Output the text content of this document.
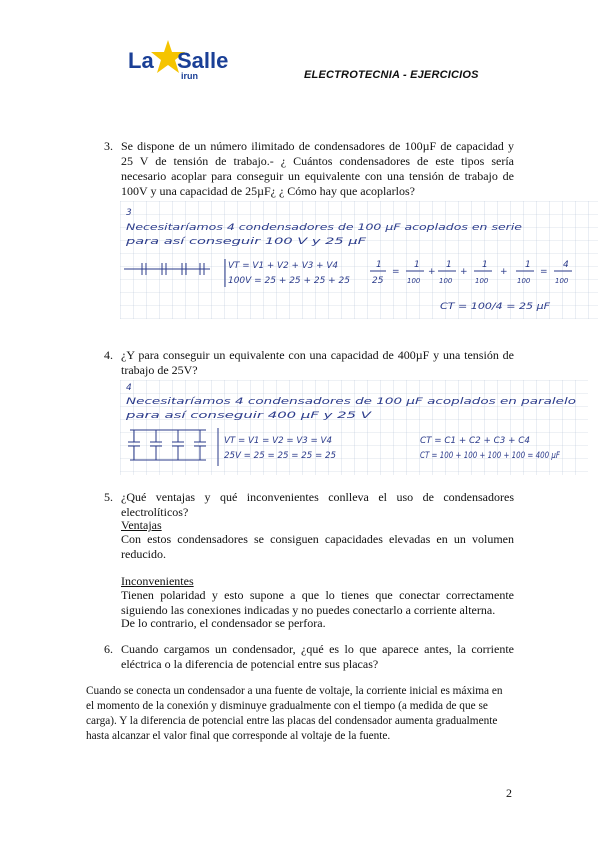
La Salle
irun	ELECTROTECNIA - EJERCICIOS
3. Se dispone de un número ilimitado de condensadores de 100µF de capacidad y 25 V de tensión de trabajo.- ¿ Cuántos condensadores de este tipos sería necesario acoplar para conseguir un equivalente con una tensión de trabajo de 100V y una capacidad de 25µF¿ ¿ Cómo hay que acoplarlos?
3
Necesitaríamos 4 condensadores de 100 µF acoplados en serie
para así conseguir 100 V y 25 µF
VT = V1 + V2 + V3 + V4
100V = 25 + 25 + 25 + 25
CT = 100/4 = 25 µF
1
25
=
1
100
+
1
100
+
1
100
+
1
100
=
4
100
4. ¿Y para conseguir un equivalente con una capacidad de 400µF y una tensión de trabajo de 25V?
4
Necesitaríamos 4 condensadores de 100 µF acoplados en paralelo
para así conseguir 400 µF y 25 V
VT = V1 = V2 = V3 = V4
25V = 25 = 25 = 25 = 25
CT = C1 + C2 + C3 + C4
CT = 100 + 100 + 100 + 100 = 400 µF
5. ¿Qué ventajas y qué inconvenientes conlleva el uso de condensadores electrolíticos?
Ventajas
Con estos condensadores se consiguen capacidades elevadas en un volumen reducido.
Inconvenientes
Tienen polaridad y esto supone a que lo tienes que conectar correctamente siguiendo las conexiones indicadas y no puedes conectarlo a corriente alterna.
De lo contrario, el condensador se perfora.
6. Cuando cargamos un condensador, ¿qué es lo que aparece antes, la corriente eléctrica o la diferencia de potencial entre sus placas?
Cuando se conecta un condensador a una fuente de voltaje, la corriente inicial es máxima en el momento de la conexión y disminuye gradualmente con el tiempo (a medida de que se carga). Y la diferencia de potencial entre las placas del condensador aumenta gradualmente hasta alcanzar el valor final que corresponde al voltaje de la fuente.
2
